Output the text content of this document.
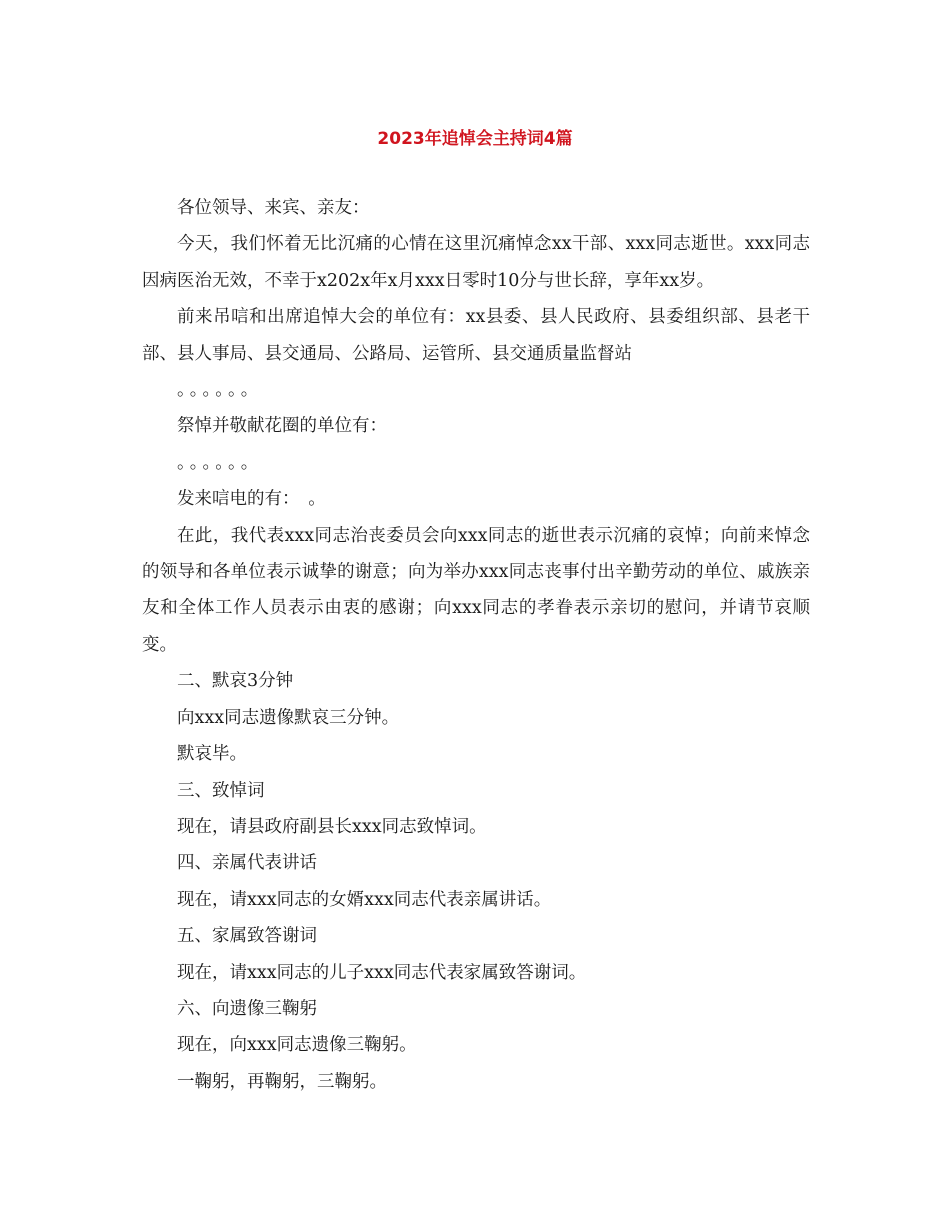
2023年追悼会主持词4篇

各位领导、来宾、亲友：

今天，我们怀着无比沉痛的心情在这里沉痛悼念xx干部、xxx同志逝世。xxx同志因病医治无效，不幸于x202x年x月xxx日零时10分与世长辞，享年xx岁。

前来吊唁和出席追悼大会的单位有：xx县委、县人民政府、县委组织部、县老干部、县人事局、县交通局、公路局、运管所、县交通质量监督站

。。。。。。

祭悼并敬献花圈的单位有：

。。。。。。

发来唁电的有：　。

在此，我代表xxx同志治丧委员会向xxx同志的逝世表示沉痛的哀悼；向前来悼念的领导和各单位表示诚挚的谢意；向为举办xxx同志丧事付出辛勤劳动的单位、戚族亲友和全体工作人员表示由衷的感谢；向xxx同志的孝眷表示亲切的慰问，并请节哀顺变。

二、默哀3分钟

向xxx同志遗像默哀三分钟。

默哀毕。

三、致悼词

现在，请县政府副县长xxx同志致悼词。

四、亲属代表讲话

现在，请xxx同志的女婿xxx同志代表亲属讲话。

五、家属致答谢词

现在，请xxx同志的儿子xxx同志代表家属致答谢词。

六、向遗像三鞠躬

现在，向xxx同志遗像三鞠躬。

一鞠躬，再鞠躬，三鞠躬。
